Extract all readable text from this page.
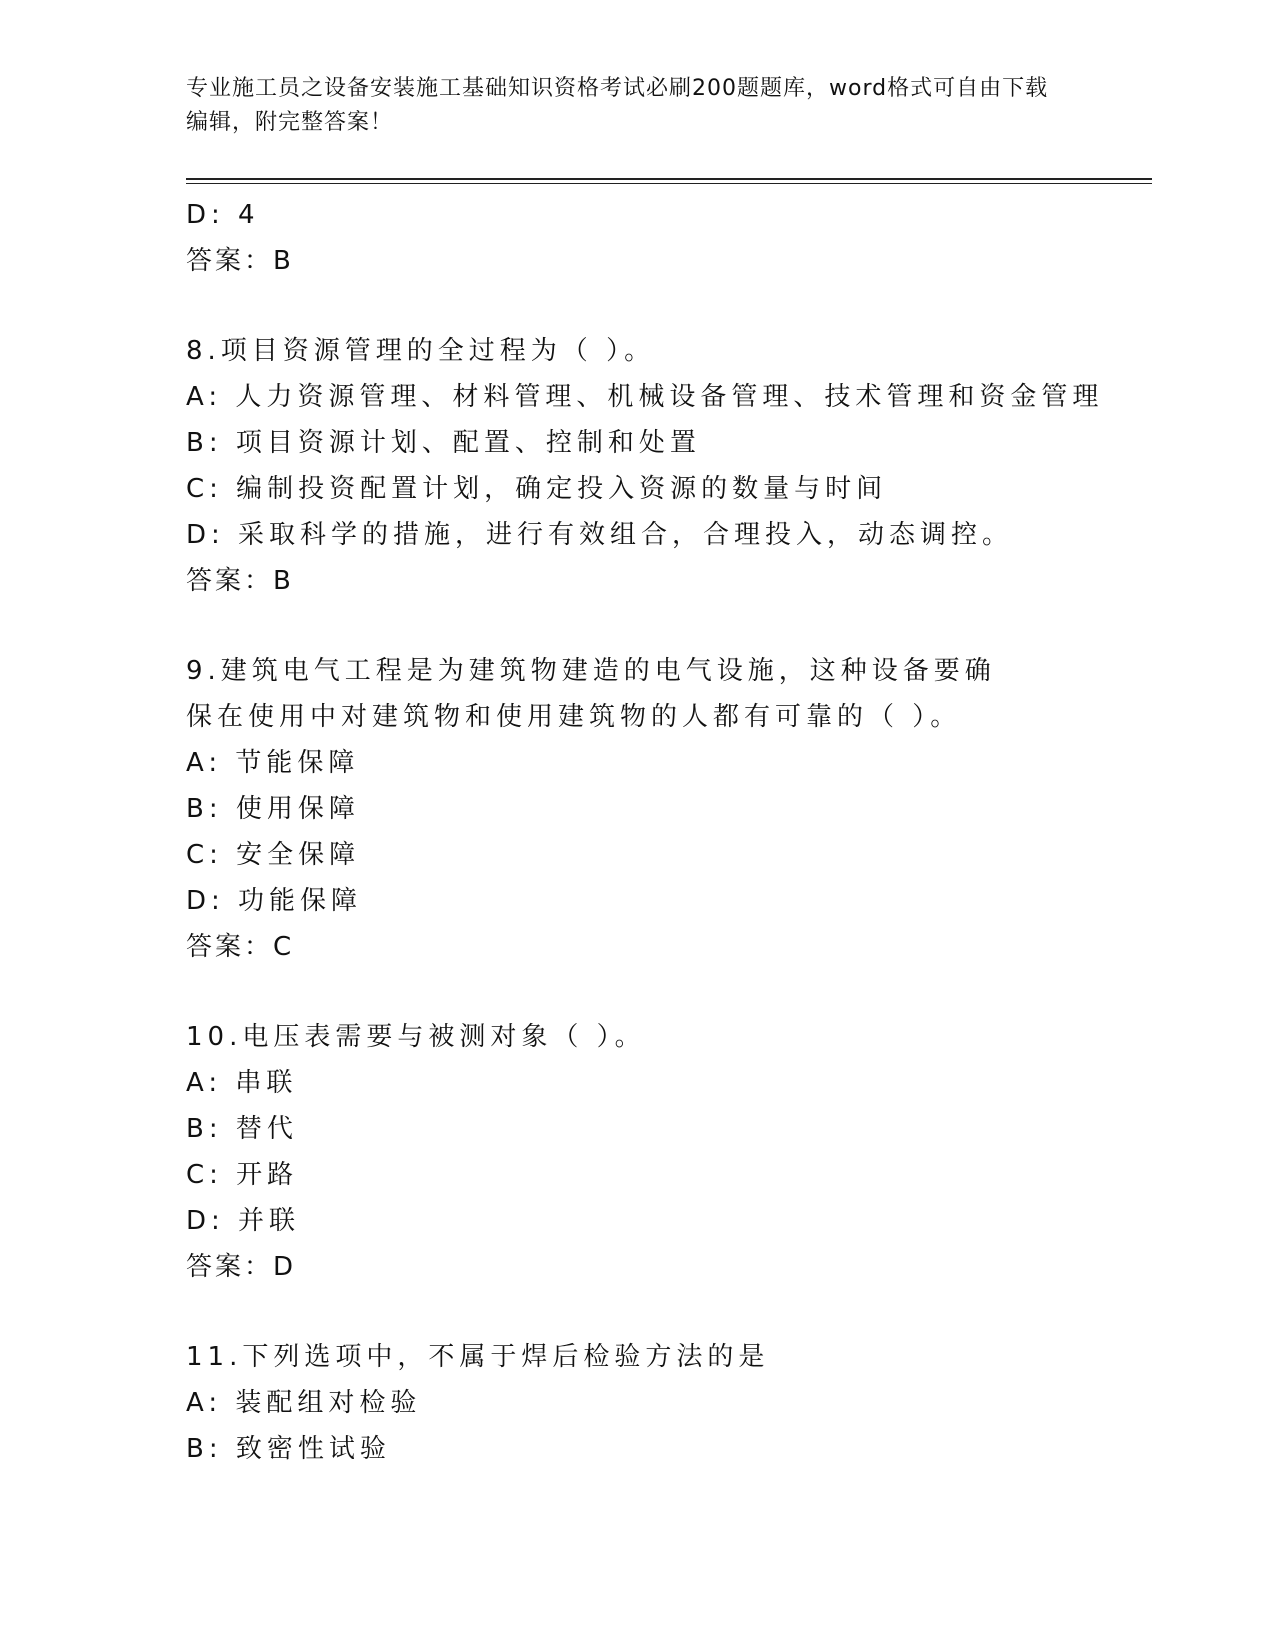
专业施工员之设备安装施工基础知识资格考试必刷200题题库，word格式可自由下载编辑，附完整答案！
D: 4
答案：B
8.项目资源管理的全过程为（ ）。
A: 人力资源管理、材料管理、机械设备管理、技术管理和资金管理
B: 项目资源计划、配置、控制和处置
C: 编制投资配置计划，确定投入资源的数量与时间
D: 采取科学的措施，进行有效组合，合理投入，动态调控。
答案：B
9.建筑电气工程是为建筑物建造的电气设施，这种设备要确保在使用中对建筑物和使用建筑物的人都有可靠的（ ）。
A: 节能保障
B: 使用保障
C: 安全保障
D: 功能保障
答案：C
10.电压表需要与被测对象（ ）。
A: 串联
B: 替代
C: 开路
D: 并联
答案：D
11.下列选项中，不属于焊后检验方法的是
A: 装配组对检验
B: 致密性试验
